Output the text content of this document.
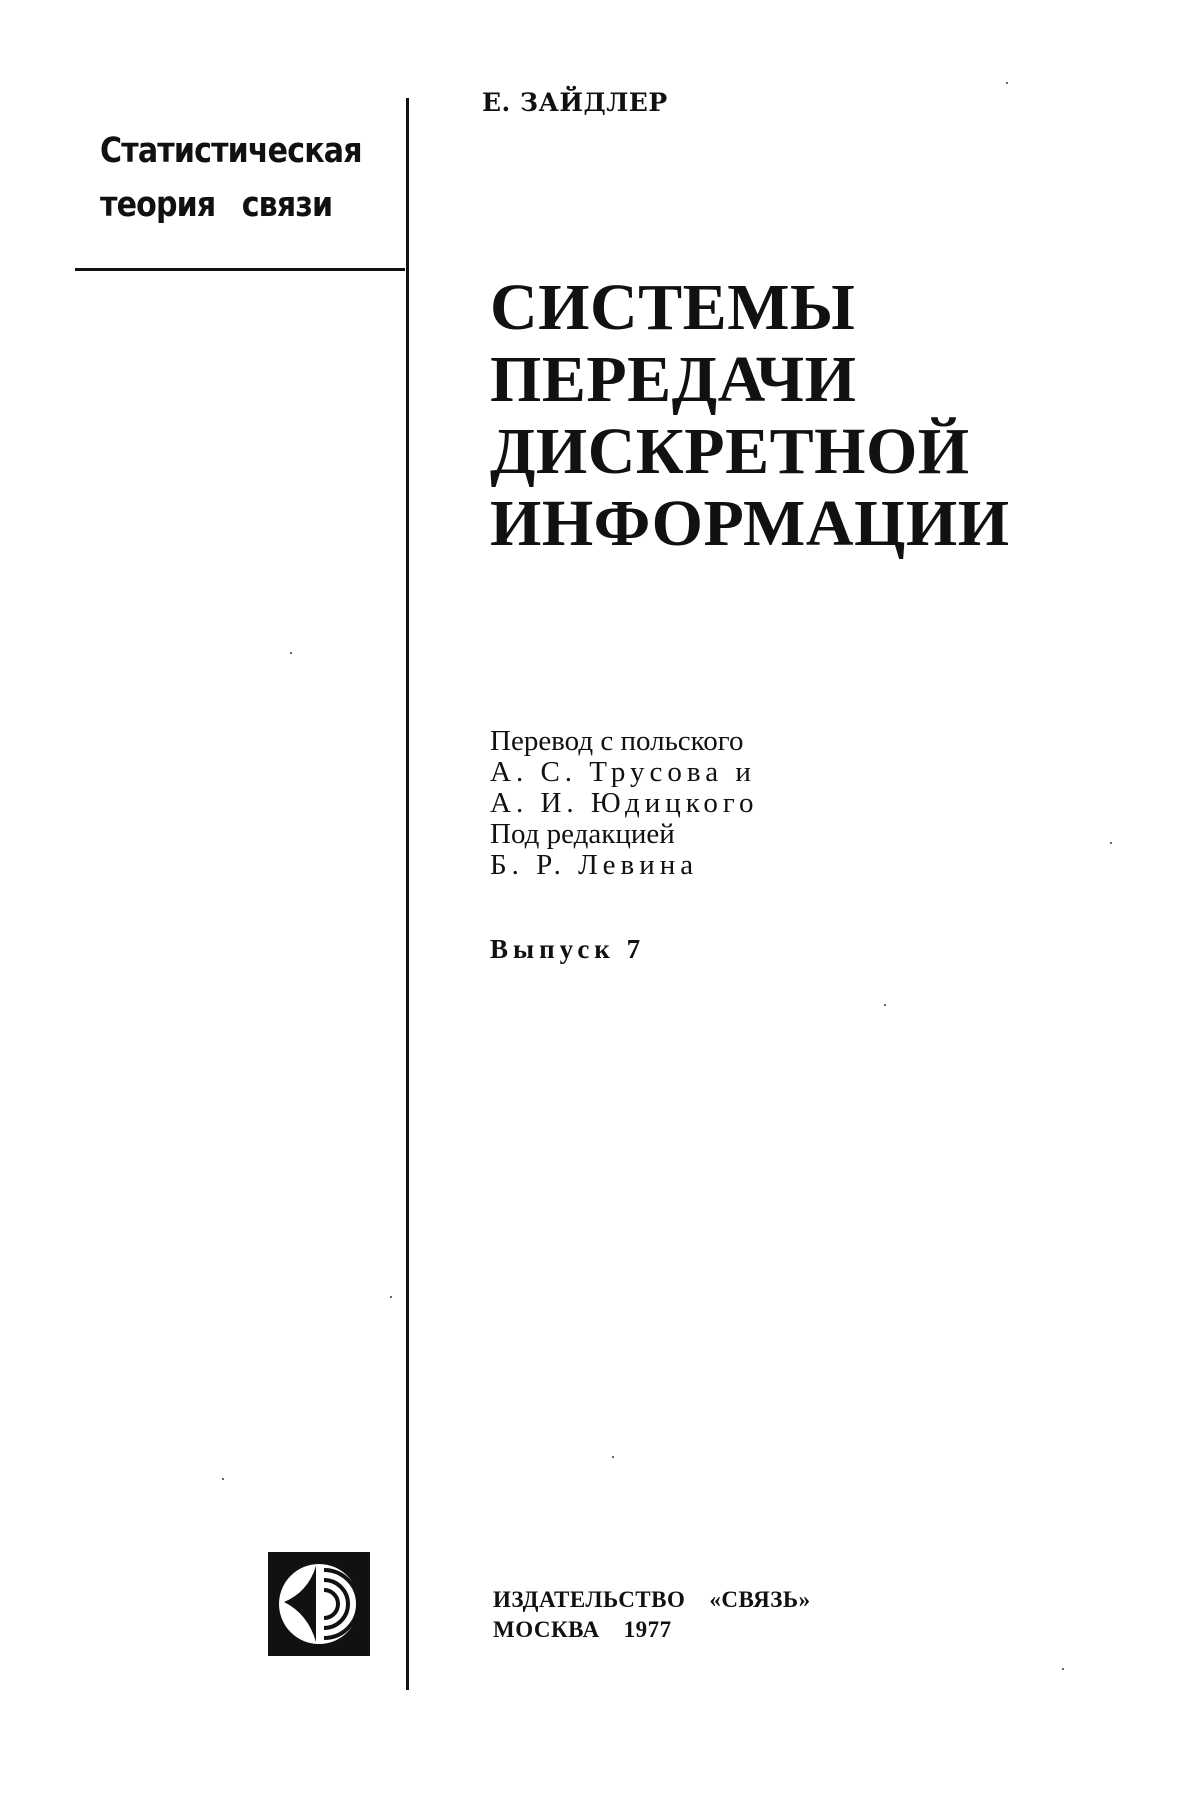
Статистическая
теория связи
Е. ЗАЙДЛЕР
СИСТЕМЫ
ПЕРЕДАЧИ
ДИСКРЕТНОЙ
ИНФОРМАЦИИ
Перевод с польского
А. С. Трусова и
А. И. Юдицкого
Под редакцией
Б. Р. Левина
Выпуск 7
ИЗДАТЕЛЬСТВО «СВЯЗЬ»
МОСКВА 1977
